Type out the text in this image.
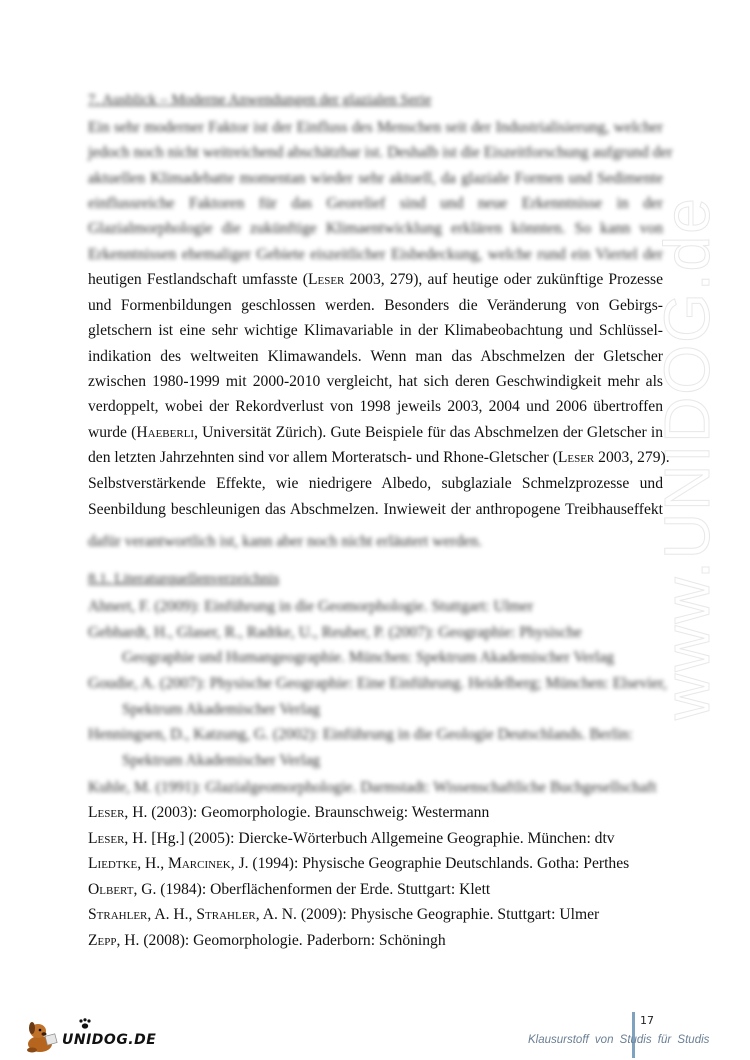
www.UNIDOG.de
7. Ausblick – Moderne Anwendungen der glazialen Serie
Ein sehr moderner Faktor ist der Einfluss des Menschen seit der Industrialisierung, welcher
jedoch noch nicht weitreichend abschätzbar ist. Deshalb ist die Eiszeitforschung aufgrund der
aktuellen Klimadebatte momentan wieder sehr aktuell, da glaziale Formen und Sedimente
einflussreiche Faktoren für das Georelief sind und neue Erkenntnisse in der
Glazialmorphologie die zukünftige Klimaentwicklung erklären könnten. So kann von
Erkenntnissen ehemaliger Gebiete eiszeitlicher Eisbedeckung, welche rund ein Viertel der
heutigen Festlandschaft umfasste (Leser 2003, 279), auf heutige oder zukünftige Prozesse
und Formenbildungen geschlossen werden. Besonders die Veränderung von Gebirgs-
gletschern ist eine sehr wichtige Klimavariable in der Klimabeobachtung und Schlüssel-
indikation des weltweiten Klimawandels. Wenn man das Abschmelzen der Gletscher
zwischen 1980-1999 mit 2000-2010 vergleicht, hat sich deren Geschwindigkeit mehr als
verdoppelt, wobei der Rekordverlust von 1998 jeweils 2003, 2004 und 2006 übertroffen
wurde (Haeberli, Universität Zürich). Gute Beispiele für das Abschmelzen der Gletscher in
den letzten Jahrzehnten sind vor allem Morteratsch- und Rhone-Gletscher (Leser 2003, 279).
Selbstverstärkende Effekte, wie niedrigere Albedo, subglaziale Schmelzprozesse und
Seenbildung beschleunigen das Abschmelzen. Inwieweit der anthropogene Treibhauseffekt
dafür verantwortlich ist, kann aber noch nicht erläutert werden.
8.1. Literaturquellenverzeichnis
Ahnert, F. (2009): Einführung in die Geomorphologie. Stuttgart: Ulmer
Gebhardt, H., Glaser, R., Radtke, U., Reuber, P. (2007): Geographie: Physische
Geographie und Humangeographie. München: Spektrum Akademischer Verlag
Goudie, A. (2007): Physische Geographie: Eine Einführung. Heidelberg; München: Elsevier,
Spektrum Akademischer Verlag
Henningsen, D., Katzung, G. (2002): Einführung in die Geologie Deutschlands. Berlin:
Spektrum Akademischer Verlag
Kuhle, M. (1991): Glazialgeomorphologie. Darmstadt: Wissenschaftliche Buchgesellschaft
Leser, H. (2003): Geomorphologie. Braunschweig: Westermann
Leser, H. [Hg.] (2005): Diercke-Wörterbuch Allgemeine Geographie. München: dtv
Liedtke, H., Marcinek, J. (1994): Physische Geographie Deutschlands. Gotha: Perthes
Olbert, G. (1984): Oberflächenformen der Erde. Stuttgart: Klett
Strahler, A. H., Strahler, A. N. (2009): Physische Geographie. Stuttgart: Ulmer
Zepp, H. (2008): Geomorphologie. Paderborn: Schöningh
UNIDOG.DE
17
Klausurstoff von Studis für Studis
